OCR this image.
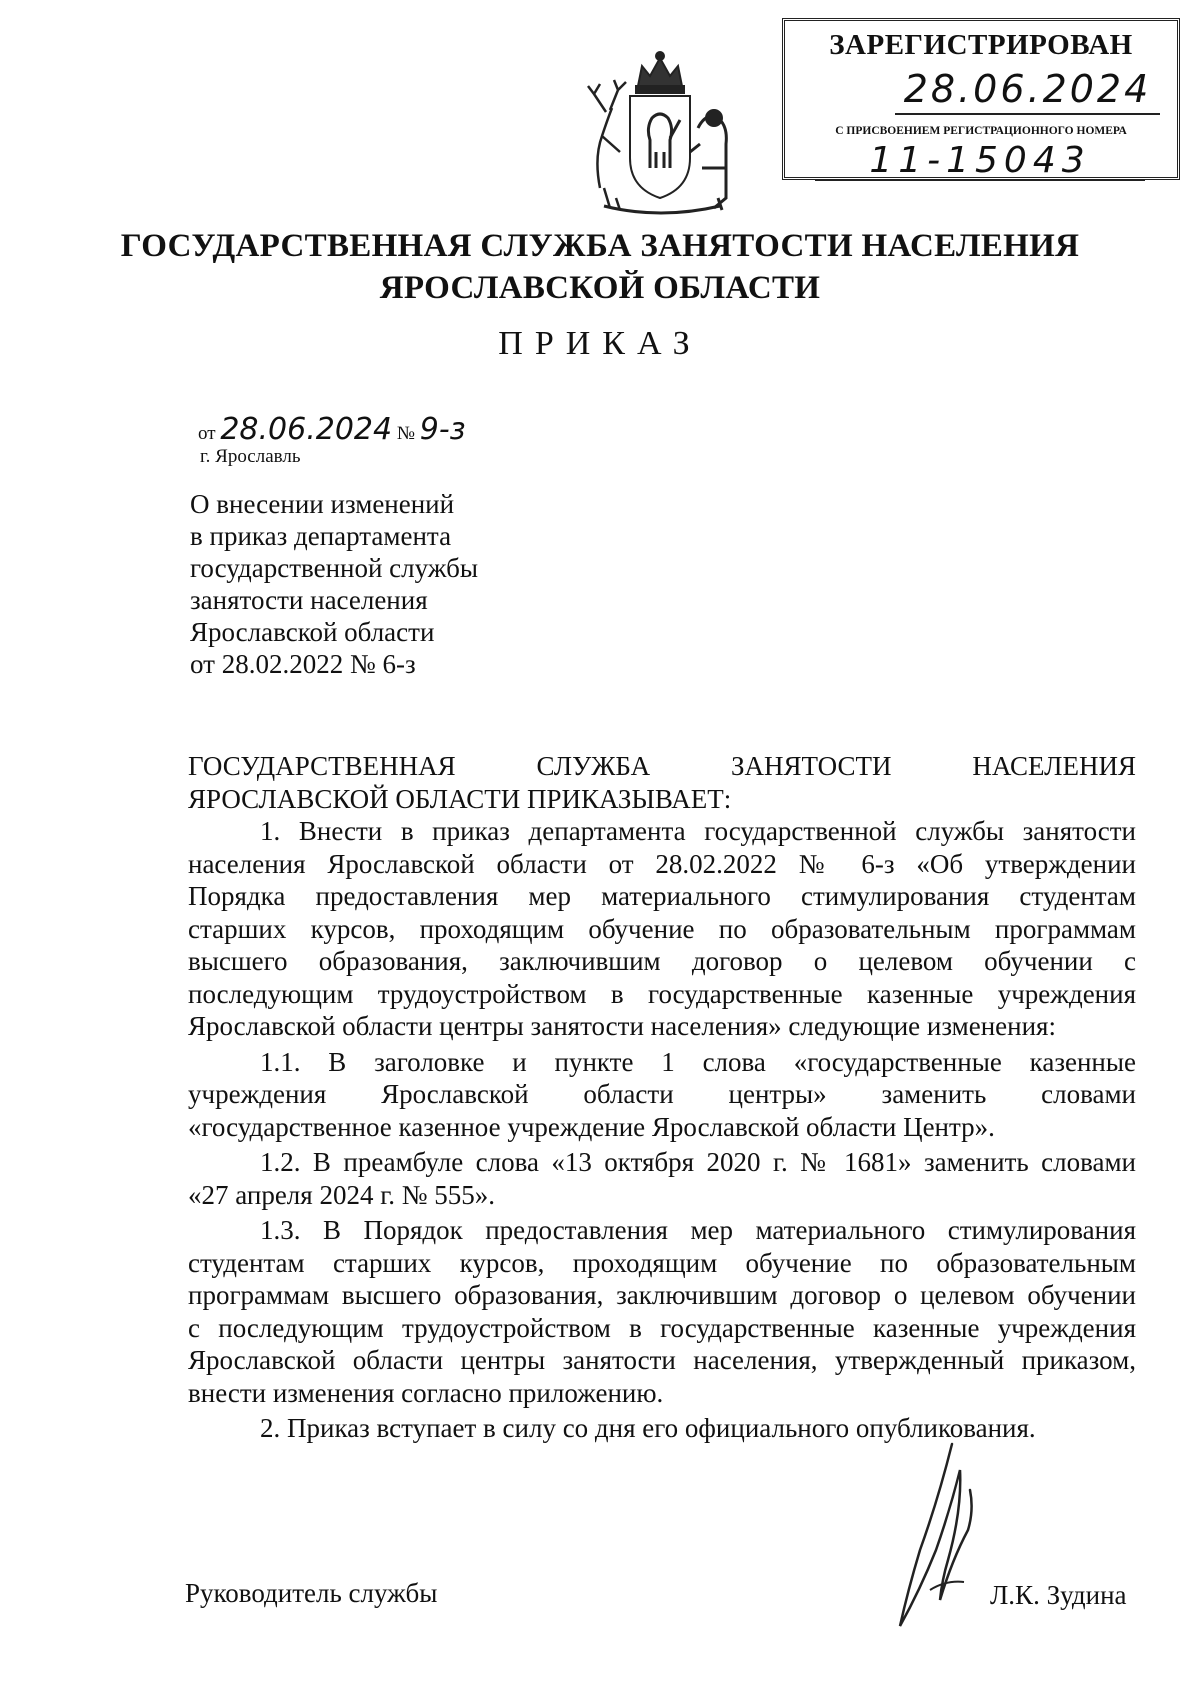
ЗАРЕГИСТРИРОВАН
28.06.2024
С ПРИСВОЕНИЕМ РЕГИСТРАЦИОННОГО НОМЕРА
11-15043
ГОСУДАРСТВЕННАЯ СЛУЖБА ЗАНЯТОСТИ НАСЕЛЕНИЯ
ЯРОСЛАВСКОЙ ОБЛАСТИ
ПРИКАЗ
от 28.06.2024 № 9-з
г. Ярославль
О внесении изменений
в приказ департамента
государственной службы
занятости населения
Ярославской области
от 28.02.2022 № 6-з
ГОСУДАРСТВЕННАЯ	СЛУЖБА	ЗАНЯТОСТИ	НАСЕЛЕНИЯ
ЯРОСЛАВСКОЙ ОБЛАСТИ ПРИКАЗЫВАЕТ:
1. Внести в приказ департамента государственной службы занятости
населения Ярославской области от 28.02.2022 № 6-з «Об утверждении
Порядка предоставления мер материального стимулирования студентам
старших курсов, проходящим обучение по образовательным программам
высшего образования, заключившим договор о целевом обучении с
последующим трудоустройством в государственные казенные учреждения
Ярославской области центры занятости населения» следующие изменения:
1.1. В заголовке и пункте 1 слова «государственные казенные
учреждения Ярославской области центры» заменить словами
«государственное казенное учреждение Ярославской области Центр».
1.2. В преамбуле слова «13 октября 2020 г. № 1681» заменить словами
«27 апреля 2024 г. № 555».
1.3. В Порядок предоставления мер материального стимулирования
студентам старших курсов, проходящим обучение по образовательным
программам высшего образования, заключившим договор о целевом обучении
с последующим трудоустройством в государственные казенные учреждения
Ярославской области центры занятости населения, утвержденный приказом,
внести изменения согласно приложению.
2. Приказ вступает в силу со дня его официального опубликования.
Руководитель службы	Л.К. Зудина
